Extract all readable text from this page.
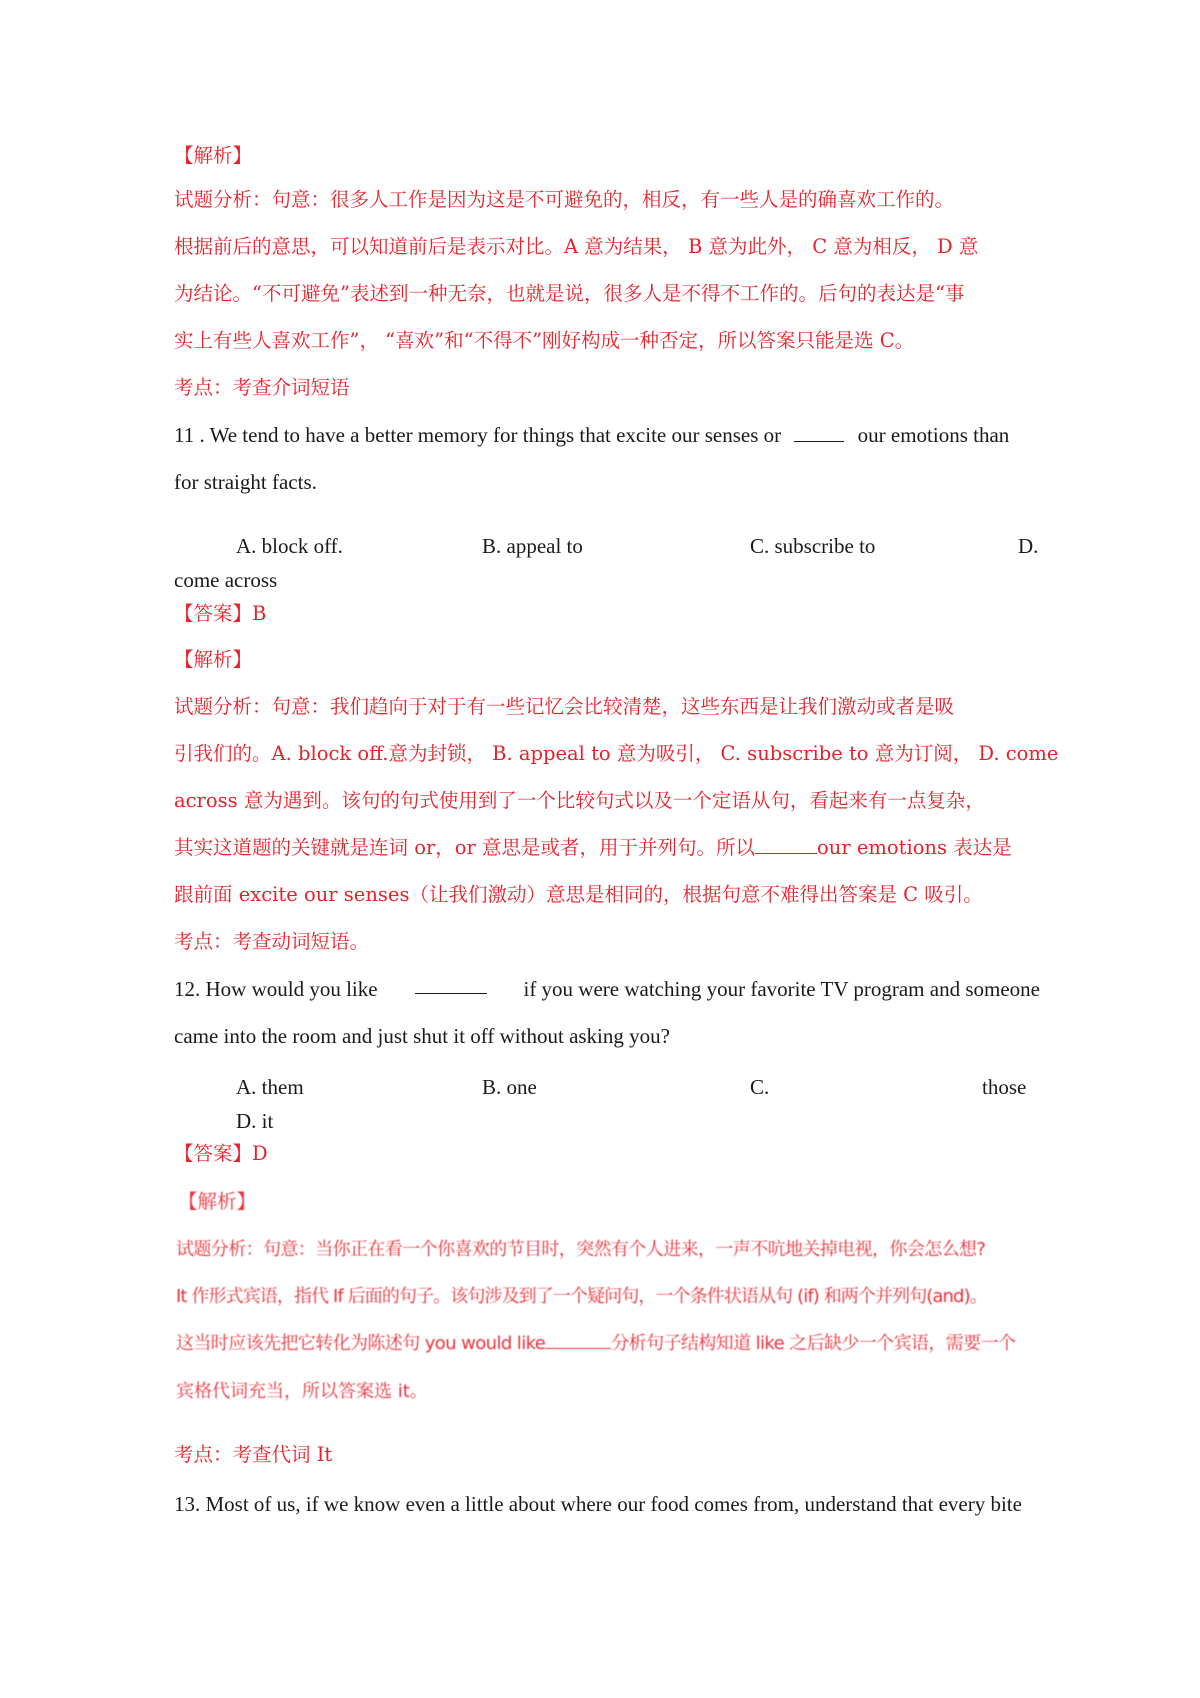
【解析】
试题分析：句意：很多人工作是因为这是不可避免的，相反，有一些人是的确喜欢工作的。
根据前后的意思，可以知道前后是表示对比。A 意为结果， B 意为此外， C 意为相反， D 意
为结论。“不可避免”表述到一种无奈，也就是说，很多人是不得不工作的。后句的表达是“事
实上有些人喜欢工作”， “喜欢”和“不得不”刚好构成一种否定，所以答案只能是选 C。
考点：考查介词短语
11 . We tend to have a better memory for things that excite our senses or	our emotions than
for straight facts.
A. block off.	B. appeal to	C. subscribe to	D.
come across
【答案】B
【解析】
试题分析：句意：我们趋向于对于有一些记忆会比较清楚，这些东西是让我们激动或者是吸
引我们的。A. block off.意为封锁， B. appeal to 意为吸引， C. subscribe to 意为订阅， D. come
across 意为遇到。该句的句式使用到了一个比较句式以及一个定语从句，看起来有一点复杂，
其实这道题的关键就是连词 or，or 意思是或者，用于并列句。所以	our emotions 表达是
跟前面 excite our senses（让我们激动）意思是相同的，根据句意不难得出答案是 C 吸引。
考点：考查动词短语。
12. How would you like	if you were watching your favorite TV program and someone
came into the room and just shut it off without asking you?
A. them	B. one	C.	those
D. it
【答案】D
【解析】
试题分析：句意：当你正在看一个你喜欢的节目时，突然有个人进来，一声不吭地关掉电视，你会怎么想?
It 作形式宾语，指代 If 后面的句子。该句涉及到了一个疑问句，一个条件状语从句 (if) 和两个并列句(and)。
这当时应该先把它转化为陈述句 you would like	分析句子结构知道 like 之后缺少一个宾语，需要一个
宾格代词充当，所以答案选 it。
考点：考查代词 It
13. Most of us, if we know even a little about where our food comes from, understand that every bite
